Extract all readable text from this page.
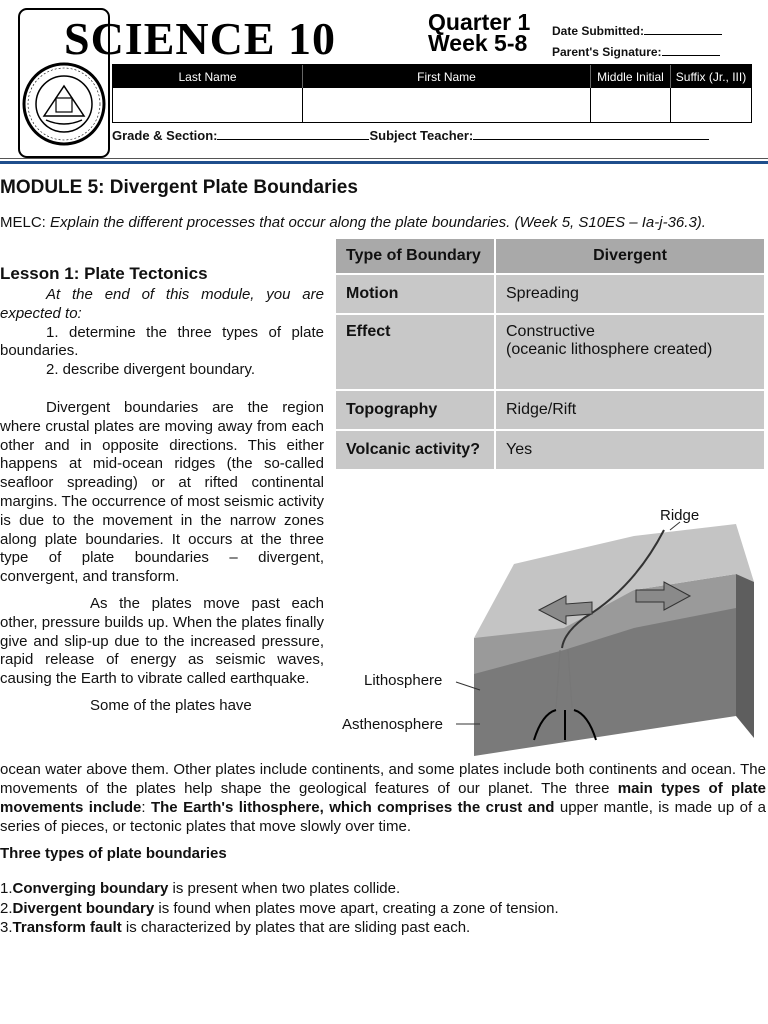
SCIENCE 10	Quarter 1
Week 5-8 Date Submitted:
Parent's Signature:
Last Name	First Name	Middle Initial Suffix (Jr., III)
Grade & Section:	Subject Teacher:
MODULE 5: Divergent Plate Boundaries
MELC: Explain the different processes that occur along the plate boundaries. (Week 5, S10ES – Ia-j-36.3).
Lesson 1: Plate Tectonics

At the end of this module, you are expected to:

1. determine the three types of plate boundaries.

2. describe divergent boundary.

Divergent boundaries are the region where crustal plates are moving away from each other and in opposite directions. This either happens at mid-ocean ridges (the so-called seafloor spreading) or at rifted continental margins. The occurrence of most seismic activity is due to the movement in the narrow zones along plate boundaries. It occurs at the three type of plate boundaries – divergent, convergent, and transform.

As the plates move past each other, pressure builds up. When the plates finally give and slip-up due to the increased pressure, rapid release of energy as seismic waves, causing the Earth to vibrate called earthquake.

Some of the plates have

ocean water above them. Other plates include continents, and some plates include both continents and ocean. The movements of the plates help shape the geological features of our planet. The three main types of plate movements include: The Earth's lithosphere, which comprises the crust and upper mantle, is made up of a series of pieces, or tectonic plates that move slowly over time.
Type of Boundary	Divergent
Motion	Spreading
Effect	Constructive
(oceanic lithosphere created)

Topography	Ridge/Rift
Volcanic activity?	Yes
Ridge
Lithosphere
Asthenosphere
Three types of plate boundaries
1.Converging boundary is present when two plates collide.
2.Divergent boundary is found when plates move apart, creating a zone of tension.
3.Transform fault is characterized by plates that are sliding past each.
